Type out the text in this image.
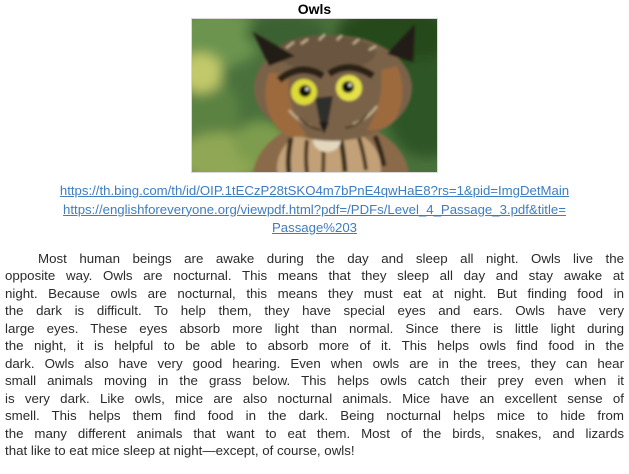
Owls
https://th.bing.com/th/id/OIP.1tECzP28tSKO4m7bPnE4qwHaE8?rs=1&pid=ImgDetMain
https://englishforeveryone.org/viewpdf.html?pdf=/PDFs/Level_4_Passage_3.pdf&title=
Passage%203
Most human beings are awake during the day and sleep all night. Owls live the
opposite way. Owls are nocturnal. This means that they sleep all day and stay awake at
night. Because owls are nocturnal, this means they must eat at night. But finding food in
the dark is difficult. To help them, they have special eyes and ears. Owls have very
large eyes. These eyes absorb more light than normal. Since there is little light during
the night, it is helpful to be able to absorb more of it. This helps owls find food in the
dark. Owls also have very good hearing. Even when owls are in the trees, they can hear
small animals moving in the grass below. This helps owls catch their prey even when it
is very dark. Like owls, mice are also nocturnal animals. Mice have an excellent sense of
smell. This helps them find food in the dark. Being nocturnal helps mice to hide from
the many different animals that want to eat them. Most of the birds, snakes, and lizards
that like to eat mice sleep at night—except, of course, owls!
